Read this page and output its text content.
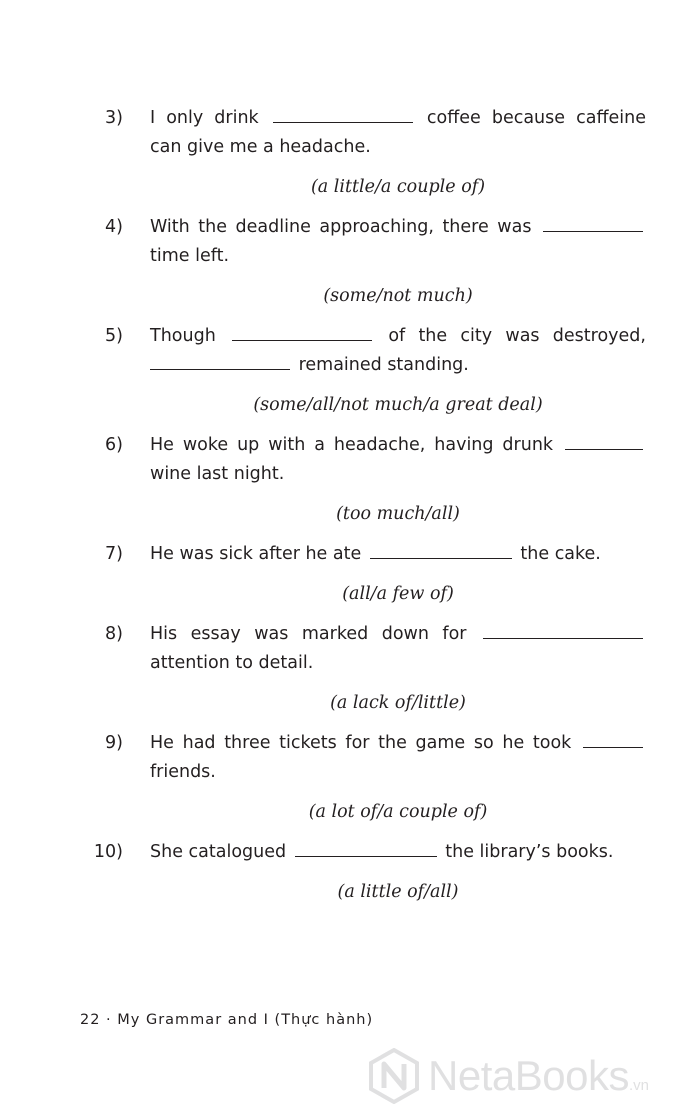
3) I only drink	coffee because caffeine can give me a headache.
(a little/a couple of)
4) With the deadline approaching, there was  time left.
(some/not much)
5) Though	of the city was destroyed,  remained standing.
(some/all/not much/a great deal)
6) He woke up with a headache, having drunk  wine last night.
(too much/all)
7) He was sick after he ate	the cake.
(all/a few of)
8) His essay was marked down for  attention to detail.
(a lack of/little)
9) He had three tickets for the game so he took  friends.
(a lot of/a couple of)
10) She catalogued	the library’s books.
(a little of/all)
22 · My Grammar and I (Thực hành)
NetaBooks.vn
